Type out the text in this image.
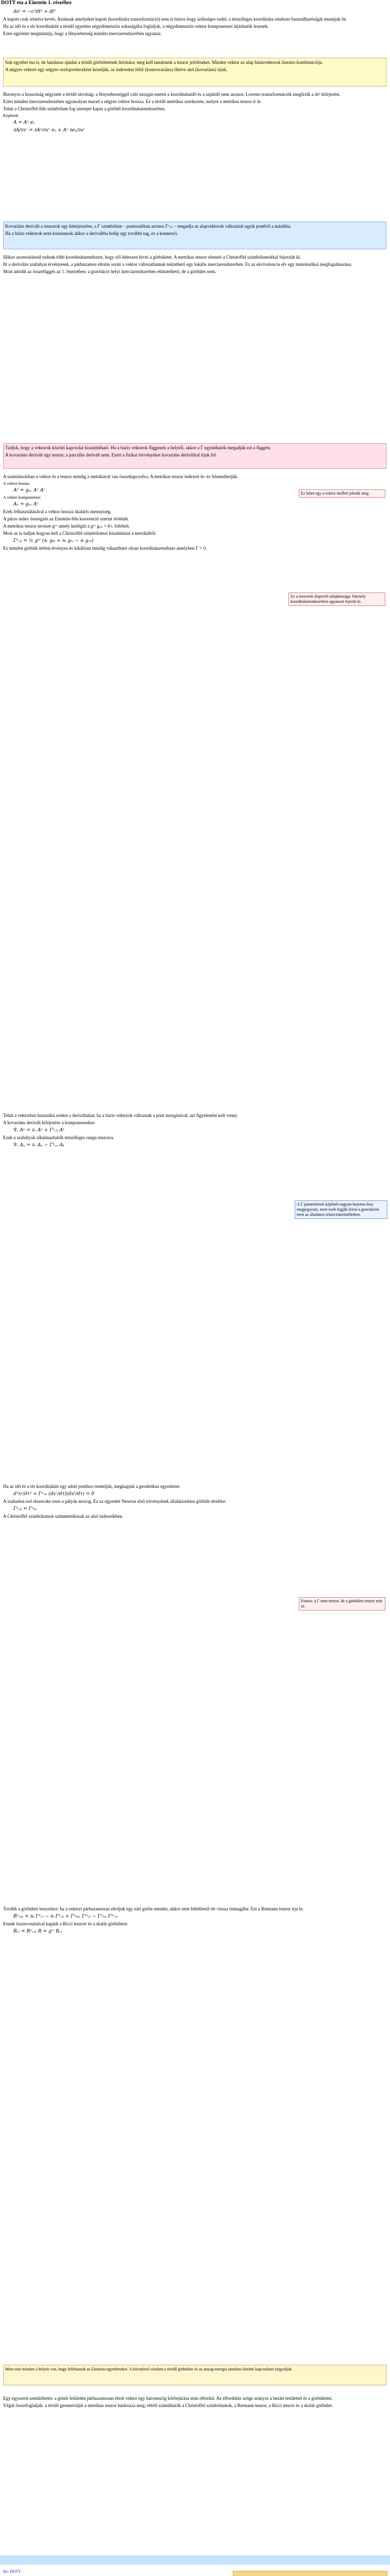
DOTT eta a Einstein 1. részéhez
ds² = −c²dt² + dl²

A kapott csak relatíve kevés. Azoknak amelyeket kapott (koordináta transzformáció) nem is biztos hogy szükséges tudni; a tetszőleges koordináta rendszer használhatóságát mutatjuk be.

Ha az idő és a tér koordinátáit a téridő egyetlen négydimenziós sokaságába foglaljuk, a négydimenziós vektor komponensei átjárhatók lesznek.

Ezen egyenlet megmutatja, hogy a fénysebesség minden inerciarendszerben ugyanaz.

Sok egyebet ma is, de hatalmas ajánlat a téridő görbületének leírására: meg kell tanulnunk a tenzor jelöléseket. Minden vektor az alap bázisvektorok lineáris kombinációja.

A négyes vektort egy négyes oszlopvektorként kezeljük, az indexeket felül (kontravariáns) illetve alul (kovariáns) írjuk.

Bizonyos a hosszúság négyzete a téridő távolság: a fénysebességgel való mozgás esetén a koordinátaidő és a sajátidő nem azonos. Lorentz-transzformációk megőrzik a ds² kifejezést.

Ezért minden inerciarendszerben ugyanolyan marad a négyes vektor hossza. Ez a téridő metrikus szerkezete, melyet a metrikus tenzor ír le.

Tehát a Christoffel-féle szimbólum fog szerepet kapni a görbült koordinátarendszerben.

Képletek:
A = Aᵘ eᵤ
∂A/∂xᵛ = ∂Aᵘ/∂xᵛ eᵤ + Aᵘ ∂eᵤ/∂xᵛ

Kovariáns derivált a tenzorok egy kiterjesztése, a Γ szimbólum – pontosabban azonos Γᵘᵥₖ – megadja az alapvektorok változását egyik pontból a másikba.

Ha a bázis vektorok nem konstansok akkor a deriváltba belép egy további tag, ez a konnexió.

Illikus azonosításnál tudunk több koordinátarendszert, hogy elő lehessen hívni a görbületet. A metrikus tenzor elemeit a Christoffel szimbólumokkal fejezzük ki.

Itt a deriválás szabályai érvényesek, a párhuzamos eltolás során a vektor változatlannak tekinthető egy lokális inerciarendszerben. Ez az ekvivalencia elv egy matematikai megfogalmazása.

Most adódik az összefüggés az 1. fejezetben: a gravitáció helyi inerciarendszerben eltüntethető, de a görbület nem.

Tudjuk, hogy a vektorok közötti kapcsolat kiszámítható. Ha a bázis vektorok függenek a helytől, akkor a Γ együtthatók megadják ezt a függést.

A kovariáns derivált egy tenzor; a parciális derivált nem. Ezért a fizikai törvényeket kovariáns deriválttal írjuk fel.

A számításokban a vektor és a tenzor mindig a metrikával van összekapcsolva. A metrikus tenzor indexeit le- és felemelhetjük.

A vektor hossza
A² = gᵤᵥ Aᵘ Aᵛ
A vektor komponensei
Aᵤ = gᵤᵥ Aᵛ

Ezek felhasználásával a vektor hossza skaláris mennyiség.

A páros index összegzés az Einstein-féle konvenció szerint történik.

A metrikus tenzor inverze gᵘᵛ amely kielégíti a gᵘᵛ gᵥₖ = δᵘₖ feltételt.

Most az is tudjuk hogyan kell a Christoffel szimbólumot kiszámítani a metrikából:

Γᵘᵥₖ = ½ gᵘˡ (∂ᵥ gₗₖ + ∂ₖ gₗᵥ − ∂ₗ gᵥₖ)

Ez minden görbült térben érvényes és lokálisan mindig választható olyan koordinátarendszer amelyben Γ = 0.

Ez lehet egy a vektor mellett jelenik meg.
Ez a tenzorok alapvető tulajdonsága: bármely koordinátarendszerben ugyanazt fejezik ki.

Tehát a vektorban használni ezeket a deriváltakat; ha a bázis vektorok változnak a pont mozgásával, azt figyelembe kell venni.

A kovariáns derivált kifejezése a komponensekre:

∇ᵥ Aᵘ = ∂ᵥ Aᵘ + Γᵘᵥₖ Aᵏ

Ezek a szabályok alkalmazhatók tetszőleges rangú tenzorra.

∇ᵥ Aᵤ = ∂ᵥ Aᵤ − Γᵏᵥᵤ Aₖ
A Γ paraméterek képletét nagyon hasznos lesz megjegyezni, mert ezek fogják leírni a gravitációs teret az általános relativitáselméletben.

Ha az idő és a tér koordinátáit egy adott ponthoz rendeljük, megkapjuk a geodetikus egyenletet.

d²xᵘ/dτ² + Γᵘᵥₖ (dxᵛ/dτ)(dxᵏ/dτ) = 0

A szabadon eső részecske ezen a pályán mozog. Ez az egyenlet Newton első törvényének általánosítása görbült téridőre.

Γᵘᵥₖ = Γᵘₖᵥ

A Christoffel szimbólumok szimmetrikusak az alsó indexeikben.

Fontos: a Γ nem tenzor, de a görbületi tenzor már az.

Tovább a görbületi tenzorhoz: ha a vektort párhuzamosan eltoljuk egy zárt görbe mentén, akkor nem feltétlenül tér vissza önmagába. Ezt a Riemann tenzor írja le.

Rᵘᵥₖₗ = ∂ₖ Γᵘᵥₗ − ∂ₗ Γᵘᵥₖ + Γᵘₖₘ Γᵐᵥₗ − Γᵘₗₘ Γᵐᵥₖ

Ennek összevonásával kapjuk a Ricci tenzort és a skalár görbületet.

Rᵥₗ = Rᵘᵥᵤₗ R = gᵛˡ Rᵥₗ
Most már minden a helyén van, hogy felírhassuk az Einstein-egyenleteket. A következő részben a téridő görbülete és az anyag-energia tartalom közötti kapcsolatot tárgyaljuk.

Egy egyszerű szemléltetés: a gömb felületén párhuzamosan eltolt vektor egy háromszög körbejárása után elfordul. Az elfordulás szöge arányos a bezárt területtel és a görbülettel.

Végül összefoglaljuk: a téridő geometriáját a metrikus tenzor határozza meg; ebből számíthatók a Christoffel szimbólumok, a Riemann tenzor, a Ricci tenzor és a skalár görbület.

Re: DOTT
